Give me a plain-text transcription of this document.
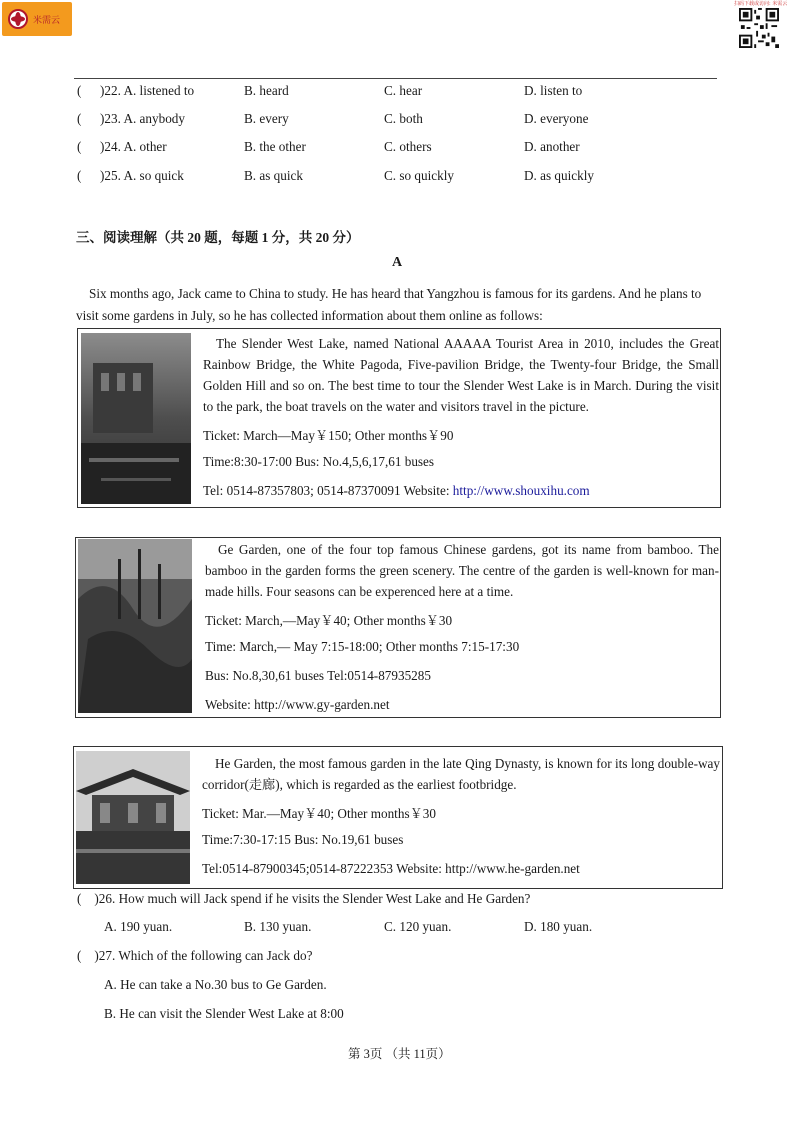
米需云
扫码下载或访问: 米需云
( )22. A. listened to	B. heard	C. hear	D. listen to
( )23. A. anybody	B. every	C. both	D. everyone
( )24. A. other	B. the other	C. others	D. another
( )25. A. so quick	B. as quick	C. so quickly	D. as quickly
三、阅读理解（共 20 题，每题 1 分，共 20 分）
A
Six months ago, Jack came to China to study. He has heard that Yangzhou is famous for its gardens. And he plans to visit some gardens in July, so he has collected information about them online as follows:
The Slender West Lake, named National AAAAA Tourist Area in 2010, includes the Great Rainbow Bridge, the White Pagoda, Five-pavilion Bridge, the Twenty-four Bridge, the Small Golden Hill and so on. The best time to tour the Slender West Lake is in March. During the visit to the park, the boat travels on the water and visitors travel in the picture.
Ticket: March—May￥150; Other months￥90
Time:8:30-17:00 Bus: No.4,5,6,17,61 buses
Tel: 0514-87357803; 0514-87370091 Website: http://www.shouxihu.com
Ge Garden, one of the four top famous Chinese gardens, got its name from bamboo. The bamboo in the garden forms the green scenery. The centre of the garden is well-known for man-made hills. Four seasons can be experenced here at a time.
Ticket: March,—May￥40; Other months￥30
Time: March,— May 7:15-18:00; Other months 7:15-17:30
Bus: No.8,30,61 buses Tel:0514-87935285
Website: http://www.gy-garden.net
He Garden, the most famous garden in the late Qing Dynasty, is known for its long double-way corridor(走廊), which is regarded as the earliest footbridge.
Ticket: Mar.—May￥40; Other months￥30
Time:7:30-17:15 Bus: No.19,61 buses
Tel:0514-87900345;0514-87222353 Website: http://www.he-garden.net
( )26. How much will Jack spend if he visits the Slender West Lake and He Garden?
A. 190 yuan.	B. 130 yuan.	C. 120 yuan.	D. 180 yuan.
( )27. Which of the following can Jack do?
A. He can take a No.30 bus to Ge Garden.
B. He can visit the Slender West Lake at 8:00
第 3页 （共 11页）
